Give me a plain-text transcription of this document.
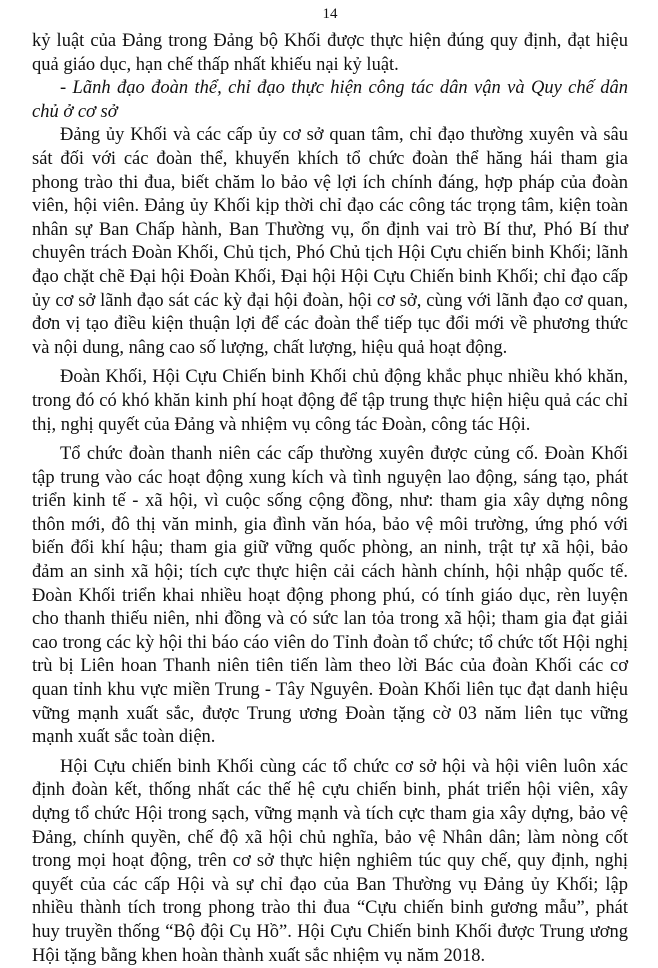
14

kỷ luật của Đảng trong Đảng bộ Khối được thực hiện đúng quy định, đạt hiệu quả giáo dục, hạn chế thấp nhất khiếu nại kỷ luật.

- Lãnh đạo đoàn thể, chỉ đạo thực hiện công tác dân vận và Quy chế dân chủ ở cơ sở

Đảng ủy Khối và các cấp ủy cơ sở quan tâm, chỉ đạo thường xuyên và sâu sát đối với các đoàn thể, khuyến khích tổ chức đoàn thể hăng hái tham gia phong trào thi đua, biết chăm lo bảo vệ lợi ích chính đáng, hợp pháp của đoàn viên, hội viên. Đảng ủy Khối kịp thời chỉ đạo các công tác trọng tâm, kiện toàn nhân sự Ban Chấp hành, Ban Thường vụ, ổn định vai trò Bí thư, Phó Bí thư chuyên trách Đoàn Khối, Chủ tịch, Phó Chủ tịch Hội Cựu chiến binh Khối; lãnh đạo chặt chẽ Đại hội Đoàn Khối, Đại hội Hội Cựu Chiến binh Khối; chỉ đạo cấp ủy cơ sở lãnh đạo sát các kỳ đại hội đoàn, hội cơ sở, cùng với lãnh đạo cơ quan, đơn vị tạo điều kiện thuận lợi để các đoàn thể tiếp tục đổi mới về phương thức và nội dung, nâng cao số lượng, chất lượng, hiệu quả hoạt động.

Đoàn Khối, Hội Cựu Chiến binh Khối chủ động khắc phục nhiều khó khăn, trong đó có khó khăn kinh phí hoạt động để tập trung thực hiện hiệu quả các chỉ thị, nghị quyết của Đảng và nhiệm vụ công tác Đoàn, công tác Hội.

Tổ chức đoàn thanh niên các cấp thường xuyên được củng cố. Đoàn Khối tập trung vào các hoạt động xung kích và tình nguyện lao động, sáng tạo, phát triển kinh tế - xã hội, vì cuộc sống cộng đồng, như: tham gia xây dựng nông thôn mới, đô thị văn minh, gia đình văn hóa, bảo vệ môi trường, ứng phó với biến đổi khí hậu; tham gia giữ vững quốc phòng, an ninh, trật tự xã hội, bảo đảm an sinh xã hội; tích cực thực hiện cải cách hành chính, hội nhập quốc tế. Đoàn Khối triển khai nhiều hoạt động phong phú, có tính giáo dục, rèn luyện cho thanh thiếu niên, nhi đồng và có sức lan tỏa trong xã hội; tham gia đạt giải cao trong các kỳ hội thi báo cáo viên do Tỉnh đoàn tổ chức; tổ chức tốt Hội nghị trù bị Liên hoan Thanh niên tiên tiến làm theo lời Bác của đoàn Khối các cơ quan tỉnh khu vực miền Trung - Tây Nguyên. Đoàn Khối liên tục đạt danh hiệu vững mạnh xuất sắc, được Trung ương Đoàn tặng cờ 03 năm liên tục vững mạnh xuất sắc toàn diện.

Hội Cựu chiến binh Khối cùng các tổ chức cơ sở hội và hội viên luôn xác định đoàn kết, thống nhất các thế hệ cựu chiến binh, phát triển hội viên, xây dựng tổ chức Hội trong sạch, vững mạnh và tích cực tham gia xây dựng, bảo vệ Đảng, chính quyền, chế độ xã hội chủ nghĩa, bảo vệ Nhân dân; làm nòng cốt trong mọi hoạt động, trên cơ sở thực hiện nghiêm túc quy chế, quy định, nghị quyết của các cấp Hội và sự chỉ đạo của Ban Thường vụ Đảng ủy Khối; lập nhiều thành tích trong phong trào thi đua “Cựu chiến binh gương mẫu”, phát huy truyền thống “Bộ đội Cụ Hồ”. Hội Cựu Chiến binh Khối được Trung ương Hội tặng bằng khen hoàn thành xuất sắc nhiệm vụ năm 2018.
